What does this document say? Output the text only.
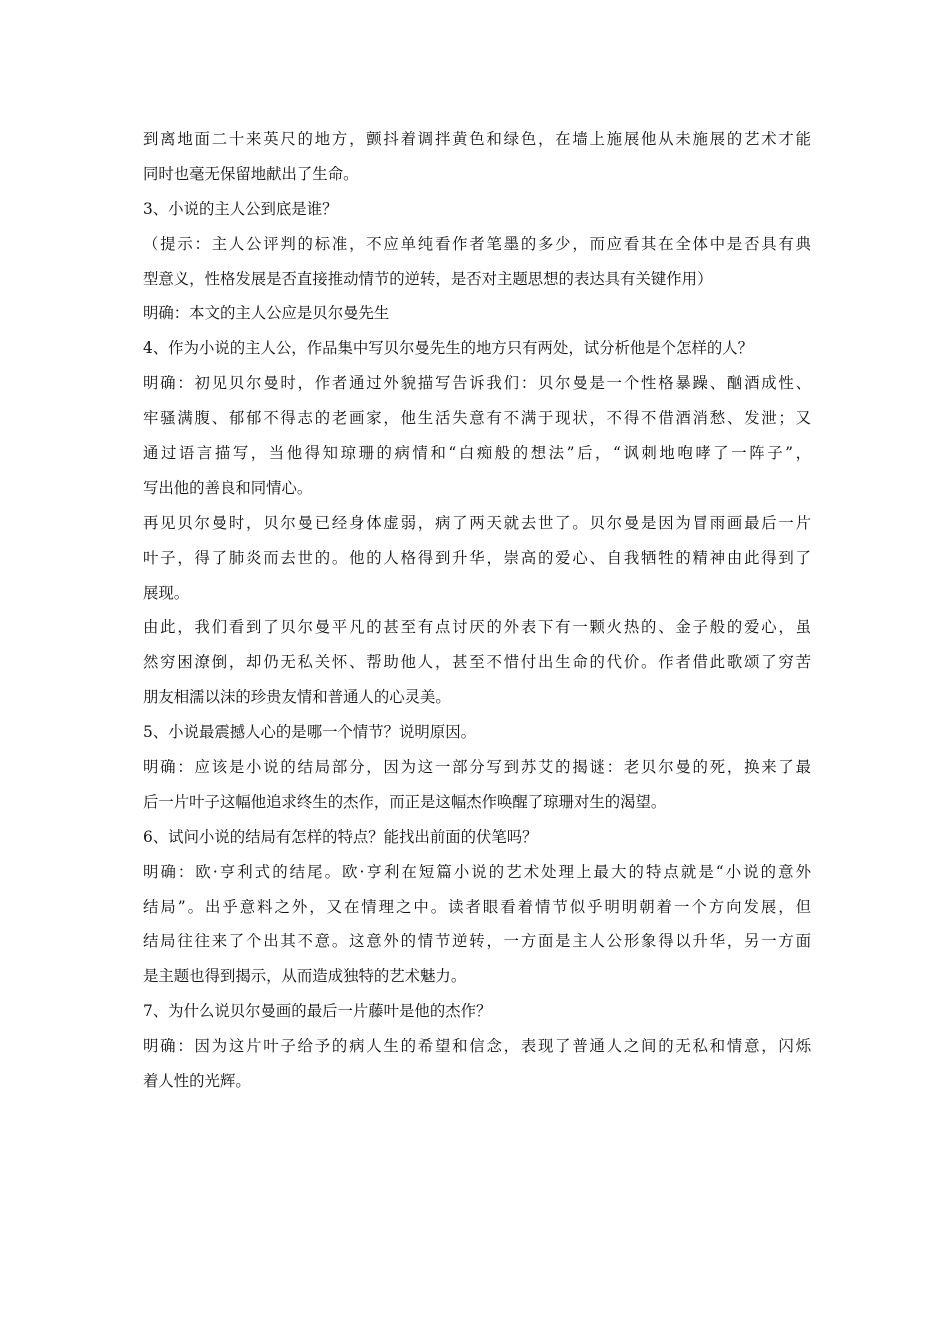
到离地面二十来英尺的地方，颤抖着调拌黄色和绿色，在墙上施展他从未施展的艺术才能
同时也毫无保留地献出了生命。
3、小说的主人公到底是谁？
（提示：主人公评判的标准，不应单纯看作者笔墨的多少，而应看其在全体中是否具有典
型意义，性格发展是否直接推动情节的逆转，是否对主题思想的表达具有关键作用）
明确：本文的主人公应是贝尔曼先生
4、作为小说的主人公，作品集中写贝尔曼先生的地方只有两处，试分析他是个怎样的人？
明确：初见贝尔曼时，作者通过外貌描写告诉我们：贝尔曼是一个性格暴躁、酗酒成性、
牢骚满腹、郁郁不得志的老画家，他生活失意有不满于现状，不得不借酒消愁、发泄；又
通过语言描写，当他得知琼珊的病情和“白痴般的想法”后，“讽刺地咆哮了一阵子”，
写出他的善良和同情心。
再见贝尔曼时，贝尔曼已经身体虚弱，病了两天就去世了。贝尔曼是因为冒雨画最后一片
叶子，得了肺炎而去世的。他的人格得到升华，崇高的爱心、自我牺牲的精神由此得到了
展现。
由此，我们看到了贝尔曼平凡的甚至有点讨厌的外表下有一颗火热的、金子般的爱心，虽
然穷困潦倒，却仍无私关怀、帮助他人，甚至不惜付出生命的代价。作者借此歌颂了穷苦
朋友相濡以沫的珍贵友情和普通人的心灵美。
5、小说最震撼人心的是哪一个情节？说明原因。
明确：应该是小说的结局部分，因为这一部分写到苏艾的揭谜：老贝尔曼的死，换来了最
后一片叶子这幅他追求终生的杰作，而正是这幅杰作唤醒了琼珊对生的渴望。
6、试问小说的结局有怎样的特点？能找出前面的伏笔吗？
明确：欧·亨利式的结尾。欧·亨利在短篇小说的艺术处理上最大的特点就是“小说的意外
结局”。出乎意料之外，又在情理之中。读者眼看着情节似乎明明朝着一个方向发展，但
结局往往来了个出其不意。这意外的情节逆转，一方面是主人公形象得以升华，另一方面
是主题也得到揭示，从而造成独特的艺术魅力。
7、为什么说贝尔曼画的最后一片藤叶是他的杰作？
明确：因为这片叶子给予的病人生的希望和信念，表现了普通人之间的无私和情意，闪烁
着人性的光辉。
